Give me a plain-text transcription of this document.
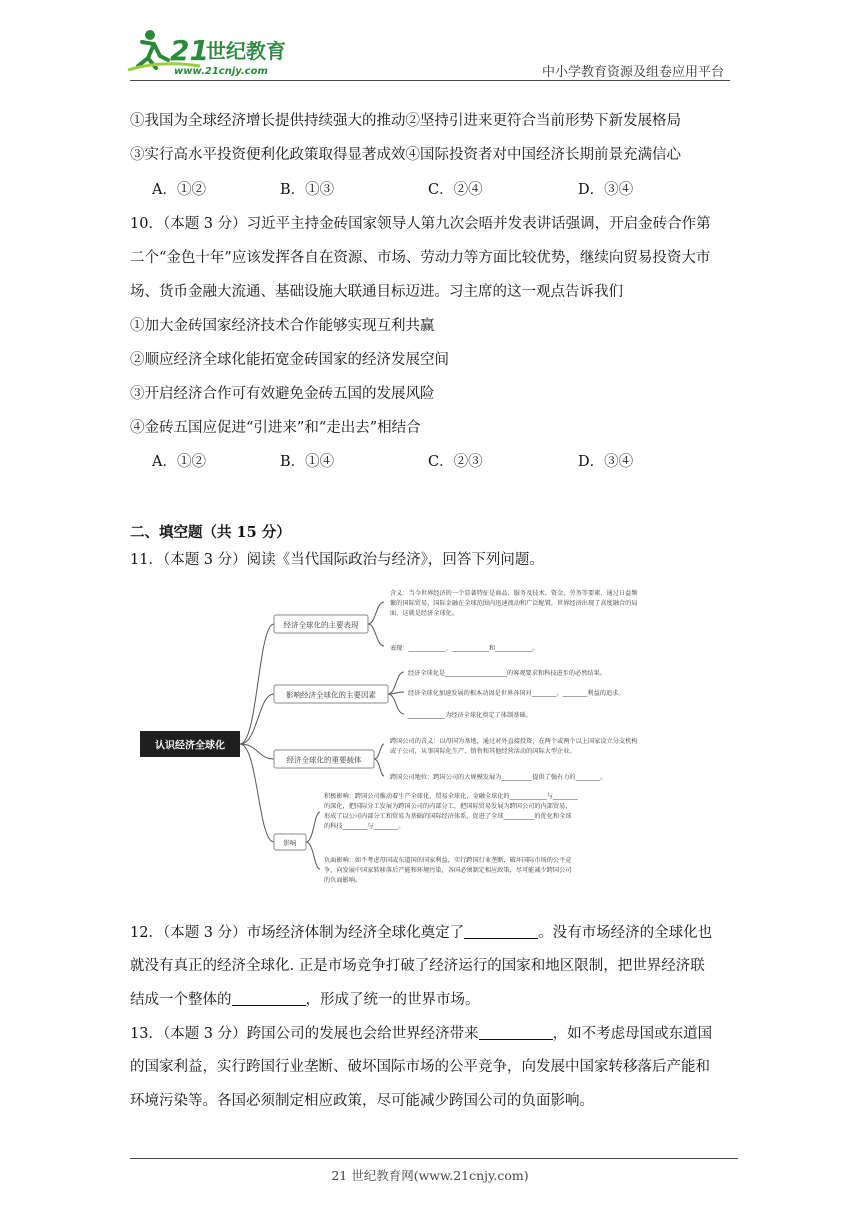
21
世纪教育
www.21cnjy.com	中小学教育资源及组卷应用平台
①我国为全球经济增长提供持续强大的推动②坚持引进来更符合当前形势下新发展格局
③实行高水平投资便利化政策取得显著成效④国际投资者对中国经济长期前景充满信心
A．①②	B．①③	C．②④	D．③④
10．（本题 3 分）习近平主持金砖国家领导人第九次会晤并发表讲话强调，开启金砖合作第
二个“金色十年”应该发挥各自在资源、市场、劳动力等方面比较优势，继续向贸易投资大市
场、货币金融大流通、基础设施大联通目标迈进。习主席的这一观点告诉我们
①加大金砖国家经济技术合作能够实现互利共赢
②顺应经济全球化能拓宽金砖国家的经济发展空间
③开启经济合作可有效避免金砖五国的发展风险
④金砖五国应促进“引进来”和“走出去”相结合
A．①②	B．①④	C．②③	D．③④
二、填空题（共 15 分）
11．（本题 3 分）阅读《当代国际政治与经济》，回答下列问题。
认识经济全球化
经济全球化的主要表现
含义：当今世界经济的一个显著特征是商品、服务及技术、资金、劳务等要素，通过日益频
繁的国际贸易，国际金融在全球范围内迅速流动和广泛配置，世界经济出现了高度融合的局
面，这就是经济全球化。
表现：____________、____________和____________。
影响经济全球化的主要因素
经济全球化是____________________的客观要求和科技进步的必然结果。
经济全球化加速发展的根本动因是世界各国对________、________利益的追求。
____________为经济全球化奠定了体制基础。
经济全球化的重要载体
跨国公司的含义：以母国为基地，通过对外直接投资，在两个或两个以上国家设立分支机构
或子公司，从事国际化生产、销售和其他经营活动的国际大型企业。
跨国公司地位：跨国公司的大规模发展为__________提供了强有力的________。
影响
积极影响：跨国公司推动着生产全球化、贸易全球化、金融全球化的____________与________
的深化，把国际分工发展为跨国公司的内部分工，把国际贸易发展为跨国公司的内部贸易，
形成了以公司内部分工和贸易为基础的国际经济体系，促进了全球__________的优化和全球
的科技________与________。
负面影响：如不考虑母国或东道国的国家利益，实行跨国行业垄断，破坏国际市场的公平竞
争，向发展中国家转移落后产能和环境污染，各国必须制定相应政策，尽可能减少跨国公司
的负面影响。
12．（本题 3 分）市场经济体制为经济全球化奠定了	。没有市场经济的全球化也
就没有真正的经济全球化. 正是市场竞争打破了经济运行的国家和地区限制，把世界经济联
结成一个整体的	，形成了统一的世界市场。
13．（本题 3 分）跨国公司的发展也会给世界经济带来	，如不考虑母国或东道国
的国家利益，实行跨国行业垄断、破坏国际市场的公平竞争，向发展中国家转移落后产能和
环境污染等。各国必须制定相应政策，尽可能减少跨国公司的负面影响。
21 世纪教育网(www.21cnjy.com)
